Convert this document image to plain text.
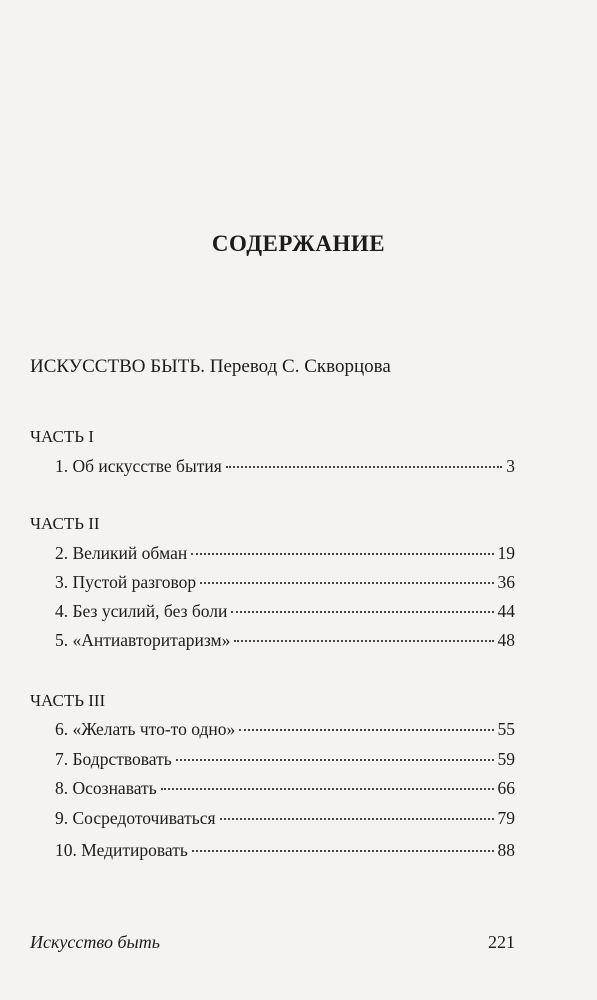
СОДЕРЖАНИЕ
ИСКУССТВО БЫТЬ. Перевод С. Скворцова
ЧАСТЬ I
1. Об искусстве бытия	3
ЧАСТЬ II
2. Великий обман	19
3. Пустой разговор	36
4. Без усилий, без боли	44
5. «Антиавторитаризм»	48
ЧАСТЬ III
6. «Желать что-то одно»	55
7. Бодрствовать	59
8. Осознавать	66
9. Сосредоточиваться	79
10. Медитировать	88
Искусство быть	221
